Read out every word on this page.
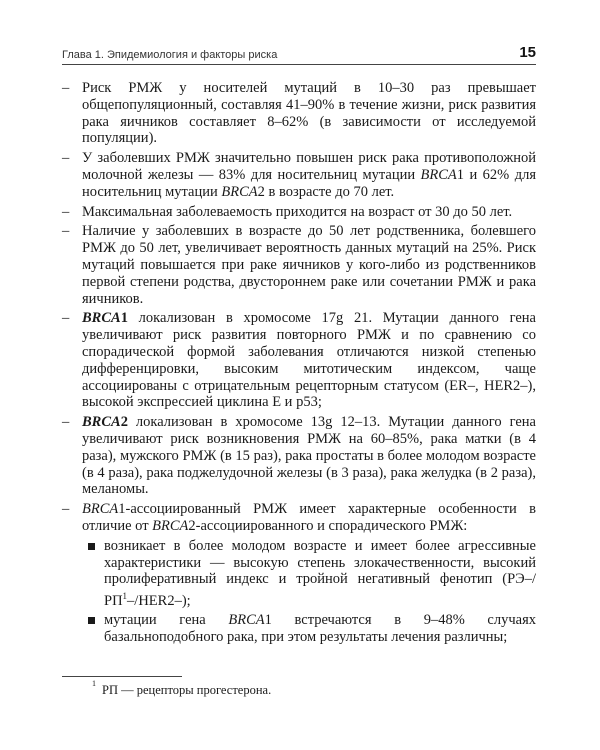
Глава 1. Эпидемиология и факторы риска	15
– Риск РМЖ у носителей мутаций в 10–30 раз превышает общепопуляционный, составляя 41–90% в течение жизни, риск развития рака яичников составляет 8–62% (в зависимости от исследуемой популяции).
– У заболевших РМЖ значительно повышен риск рака противоположной молочной железы — 83% для носительниц мутации BRCA1 и 62% для носительниц мутации BRCA2 в возрасте до 70 лет.
– Максимальная заболеваемость приходится на возраст от 30 до 50 лет.
– Наличие у заболевших в возрасте до 50 лет родственника, болевшего РМЖ до 50 лет, увеличивает вероятность данных мутаций на 25%. Риск мутаций повышается при раке яичников у кого-либо из родственников первой степени родства, двустороннем раке или сочетании РМЖ и рака яичников.
– BRCA1 локализован в хромосоме 17g 21. Мутации данного гена увеличивают риск развития повторного РМЖ и по сравнению со спорадической формой заболевания отличаются низкой степенью дифференцировки, высоким митотическим индексом, чаще ассоциированы с отрицательным рецепторным статусом (ER–, HER2–), высокой экспрессией циклина Е и p53;
– BRCA2 локализован в хромосоме 13g 12–13. Мутации данного гена увеличивают риск возникновения РМЖ на 60–85%, рака матки (в 4 раза), мужского РМЖ (в 15 раз), рака простаты в более молодом возрасте (в 4 раза), рака поджелудочной железы (в 3 раза), рака желудка (в 2 раза), меланомы.
– BRCA1-ассоциированный РМЖ имеет характерные особенности в отличие от BRCA2-ассоциированного и спорадического РМЖ:
возникает в более молодом возрасте и имеет более агрессивные характеристики — высокую степень злокачественности, высокий пролиферативный индекс и тройной негативный фенотип $(РЭ-/РП^1-/HER2-)$;
мутации гена BRCA1 встречаются в 9–48% случаях базальноподобного рака, при этом результаты лечения различны;
1 РП — рецепторы прогестерона.
